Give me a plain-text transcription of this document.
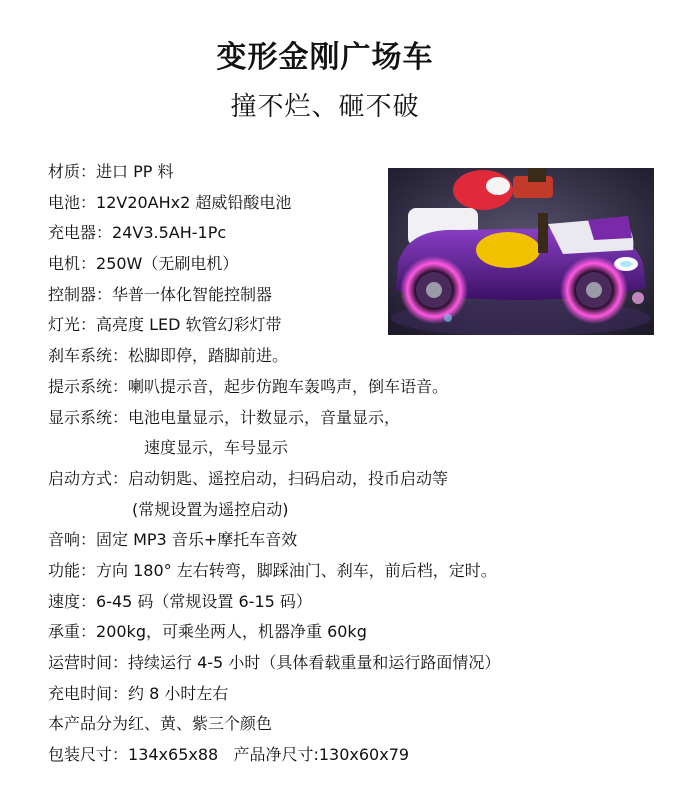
变形金刚广场车
撞不烂、砸不破
材质：进口 PP 料
电池：12V20AHx2 超威铅酸电池
充电器：24V3.5AH-1Pc
电机：250W（无刷电机）
控制器：华普一体化智能控制器
灯光：高亮度 LED 软管幻彩灯带
刹车系统：松脚即停，踏脚前进。
提示系统：喇叭提示音，起步仿跑车轰鸣声，倒车语音。
显示系统：电池电量显示，计数显示，音量显示，
速度显示，车号显示
启动方式：启动钥匙、遥控启动，扫码启动，投币启动等
(常规设置为遥控启动)
音响：固定 MP3 音乐+摩托车音效
功能：方向 180° 左右转弯，脚踩油门、刹车，前后档，定时。
速度：6-45 码（常规设置 6-15 码）
承重：200kg，可乘坐两人，机器净重 60kg
运营时间：持续运行 4-5 小时（具体看载重量和运行路面情况）
充电时间：约 8 小时左右
本产品分为红、黄、紫三个颜色
包装尺寸：134x65x88   产品净尺寸:130x60x79
